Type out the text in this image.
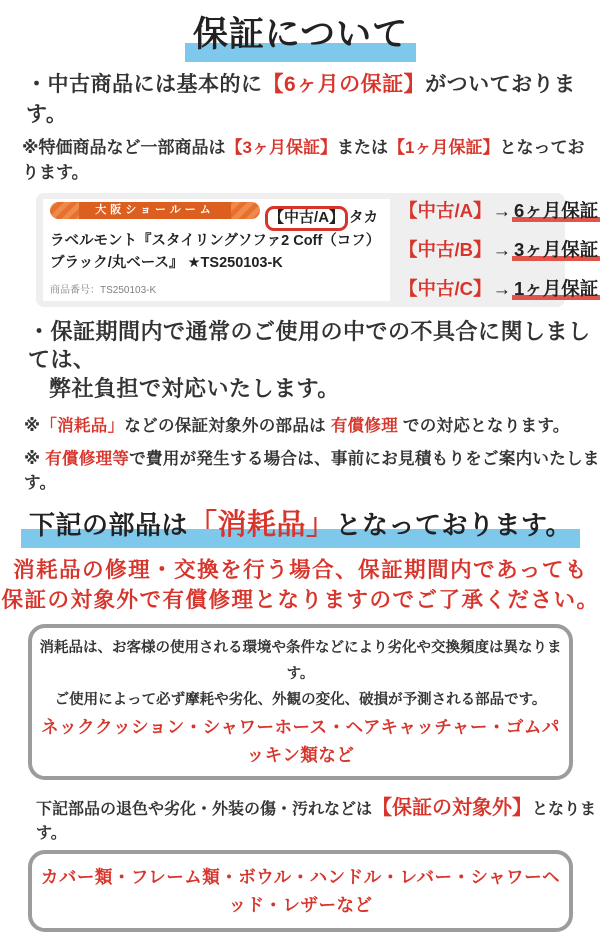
保証について
・中古商品には基本的に【6ヶ月の保証】がついております。
※特価商品など一部商品は【3ヶ月保証】または【1ヶ月保証】となっております。
大阪ショールーム	【中古/A】 タカラベルモント『スタイリングソファ2 Coff（コフ）ブラック/丸ベース』 ★TS250103-K
商品番号：TS250103-K
【中古/A】→ 6ヶ月保証
【中古/B】→ 3ヶ月保証
【中古/C】→ 1ヶ月保証
・保証期間内で通常のご使用の中での不具合に関しましては、
弊社負担で対応いたします。
※「消耗品」などの保証対象外の部品は 有償修理 での対応となります。
※ 有償修理等で費用が発生する場合は、事前にお見積もりをご案内いたします。
下記の部品は「消耗品」となっております。
消耗品の修理・交換を行う場合、保証期間内であっても
保証の対象外で有償修理となりますのでご了承ください。
消耗品は、お客様の使用される環境や条件などにより劣化や交換頻度は異なります。
ご使用によって必ず摩耗や劣化、外観の変化、破損が予測される部品です。
ネッククッション・シャワーホース・ヘアキャッチャー・ゴムパッキン類など
下記部品の退色や劣化・外装の傷・汚れなどは【保証の対象外】となります。
カバー類・フレーム類・ボウル・ハンドル・レバー・シャワーヘッド・レザーなど
